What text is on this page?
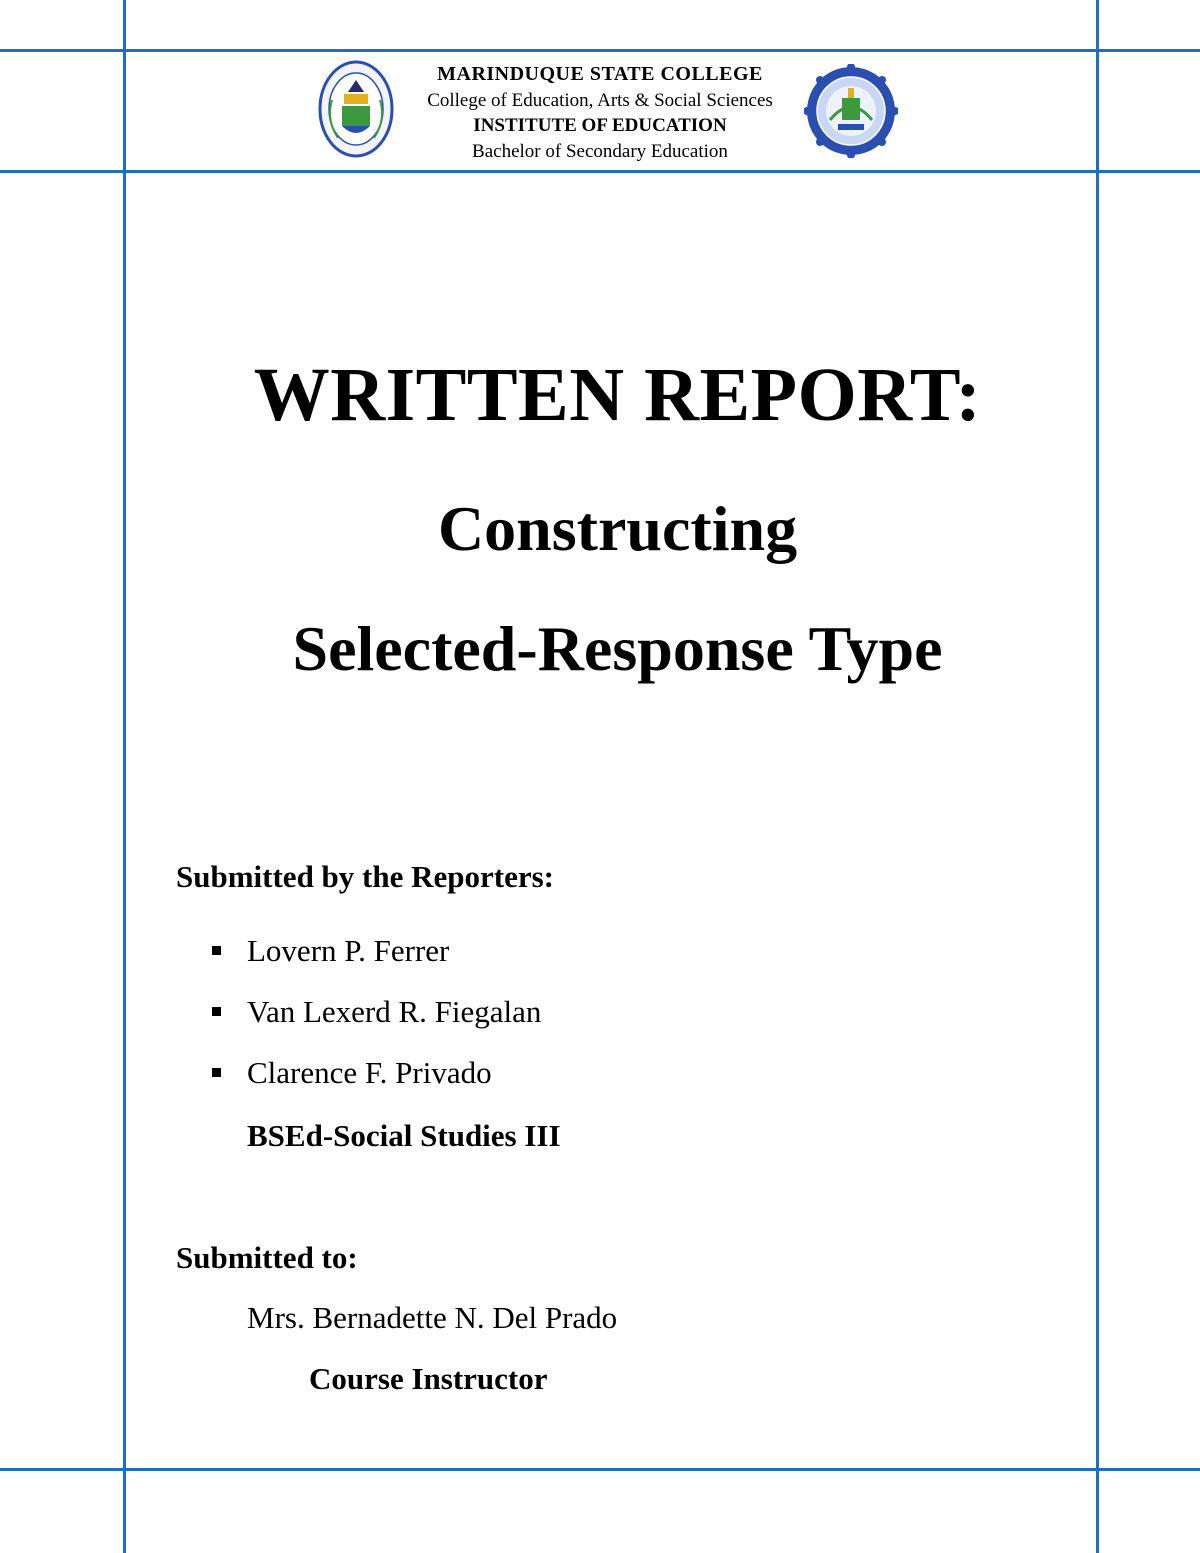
MARINDUQUE STATE COLLEGE
College of Education, Arts & Social Sciences
INSTITUTE OF EDUCATION
Bachelor of Secondary Education
WRITTEN REPORT:
Constructing
Selected-Response Type
Submitted by the Reporters:
Lovern P. Ferrer
Van Lexerd R. Fiegalan
Clarence F. Privado
BSEd-Social Studies III
Submitted to:
Mrs. Bernadette N. Del Prado
Course Instructor
